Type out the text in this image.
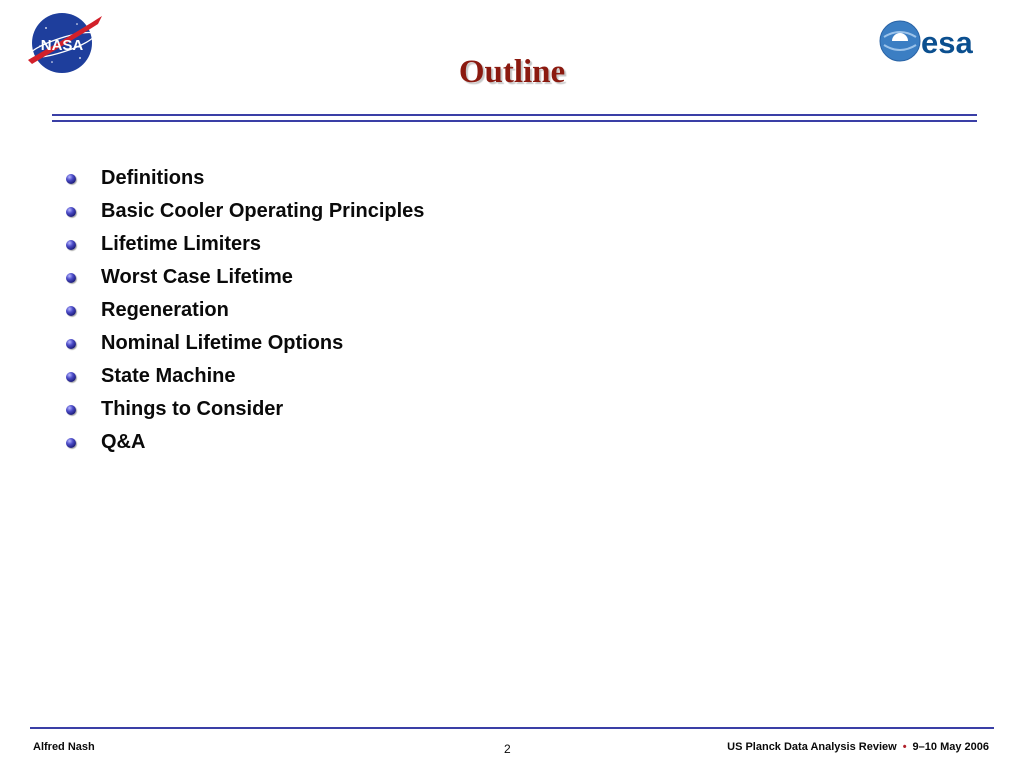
NASA	esa
Outline
Definitions
Basic Cooler Operating Principles
Lifetime Limiters
Worst Case Lifetime
Regeneration
Nominal Lifetime Options
State Machine
Things to Consider
Q&A
Alfred Nash	2	US Planck Data Analysis Review • 9–10 May 2006
